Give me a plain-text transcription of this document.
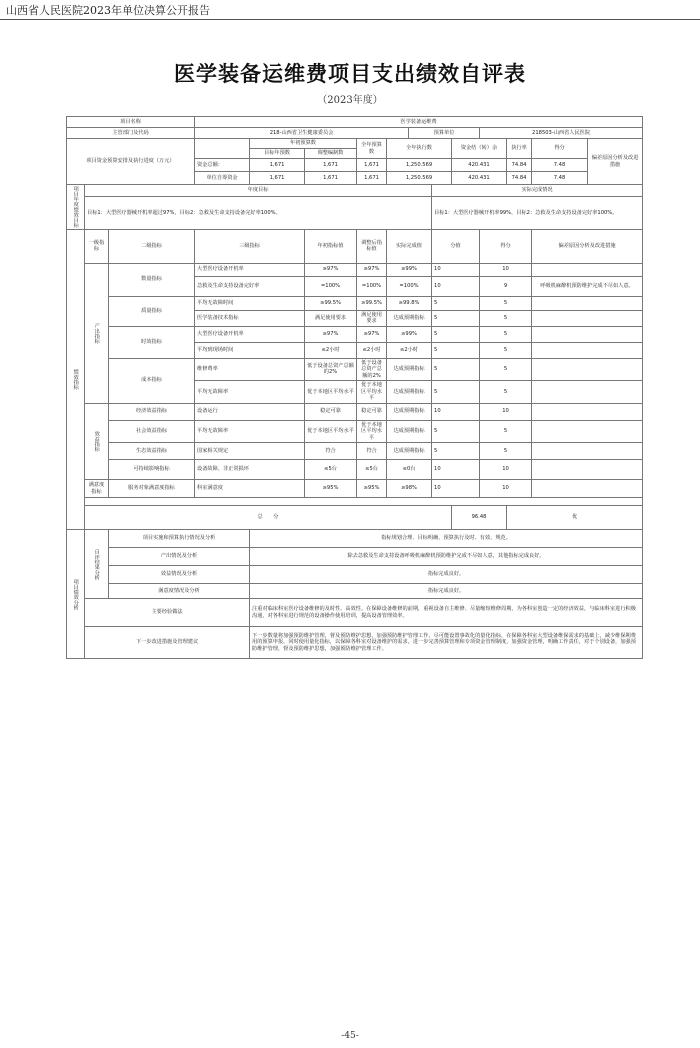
山西省人民医院2023年单位决算公开报告
医学装备运维费项目支出绩效自评表
（2023年度）
项目名称			医学装备运维费											
主管部门及代码			218-山西省卫生健康委员会					预算单位			218503-山西省人民医院			
项目资金预算安排及执行进度（万元）				年初预算数		全年预算数	全年执行数			资金结（转）余		执行率	得分	偏差原因分析及改进措施
				目标年预数	调整编制数									
			资金总额：	1,671	1,671	1,671	1,250.569			420.431		74.84	7.48	
			单位自筹资金	1,671	1,671	1,671	1,250.569			420.431		74.84	7.48	
项目年度绩效目标	年度目标								实际完成情况					
	目标1：大型医疗器械开机率超过97%，目标2：急救及生命支持设备完好率100%。								目标1：大型医疗器械开机率99%，目标2：急救及生命支持设备完好率100%。					
绩效指标	一级指标	二级指标	三级指标		年初指标值	调整后指标值	实际完成值		分值		得分		偏差原因分析及改进措施	
	产出指标	数量指标	大型医疗设备开机率		≥97%	≥97%	≥99%		10		10			
			急救及生命支持设备完好率		=100%	=100%	=100%		10		9		呼吸机麻醉机预防维护完成不尽如人意。	
		质量指标	平均无故障时间		≥99.5%	≥99.5%	≥99.8%		5		5			
			医学装备技术指标		满足使用要求	满足使用要求	达成预期指标		5		5			
		时效指标	大型医疗设备开机率		≥97%	≥97%	≥99%		5		5			
			平均到现场时间		≤2小时	≤2小时	≤2小时		5		5			
		成本指标	维修费率		低于设备总资产总额的2%	低于设备总资产总额的2%	达成预期指标		5		5			
			平均无故障率		优于本地区平均水平	优于本地区平均水平	达成预期指标		5		5			
	效益指标	经济效益指标	设备运行		稳定可靠	稳定可靠	达成预期指标		10		10			
		社会效益指标	平均无故障率		优于本地区平均水平	优于本地区平均水平	达成预期指标		5		5			
		生态效益指标	国家相关规定		符合	符合	达成预期指标		5		5			
		可持续影响指标	设备故障、非正常损坏		≤5台	≤5台	≤0台		10		10			
	满意度指标	服务对象满意度指标	科室满意度		≥95%	≥95%	≥98%		10		10			

	总　　分									96.48		优		
项目绩效分析	自评结果分析	项目实施和预算执行情况及分析		指标规划合理、目标明确、预算执行及时、有效、规范。										
		产出情况及分析		除去急救及生命支持设备呼吸机麻醉机预防维护完成不尽如人意，其他指标完成良好。										
		效益情况及分析		指标完成良好。										
		满意度情况及分析		指标完成良好。										
	主要经验做法			注重对临床科室医疗设备维修的及时性、高效性。在保障设备维修的前期，重视设备自主维修、尽量缩短维修周期，为各科室创造一定的经济效益，与临床科室进行积极沟通，对各科室进行规范的设备操作使用培训，提高设备管理效率。										
	下一步改进措施及管理建议			下一步数量将加强预防维护管理，督及预防维护思想，加强预防维护管理工作，尽可能设置事故化的量化指标，在保障各科室大型设备维保需求的基础上，减少维保期费用的预算申报，同时使用量化指标，以保障各科室对设备维护的需求，进一步完善预算管理和专项资金管理制度，加强资金管理，明确工作责任，对于个别设备，加强预防维护管理，督及预防维护思想，加强预防维护管理工作。										
-45-
